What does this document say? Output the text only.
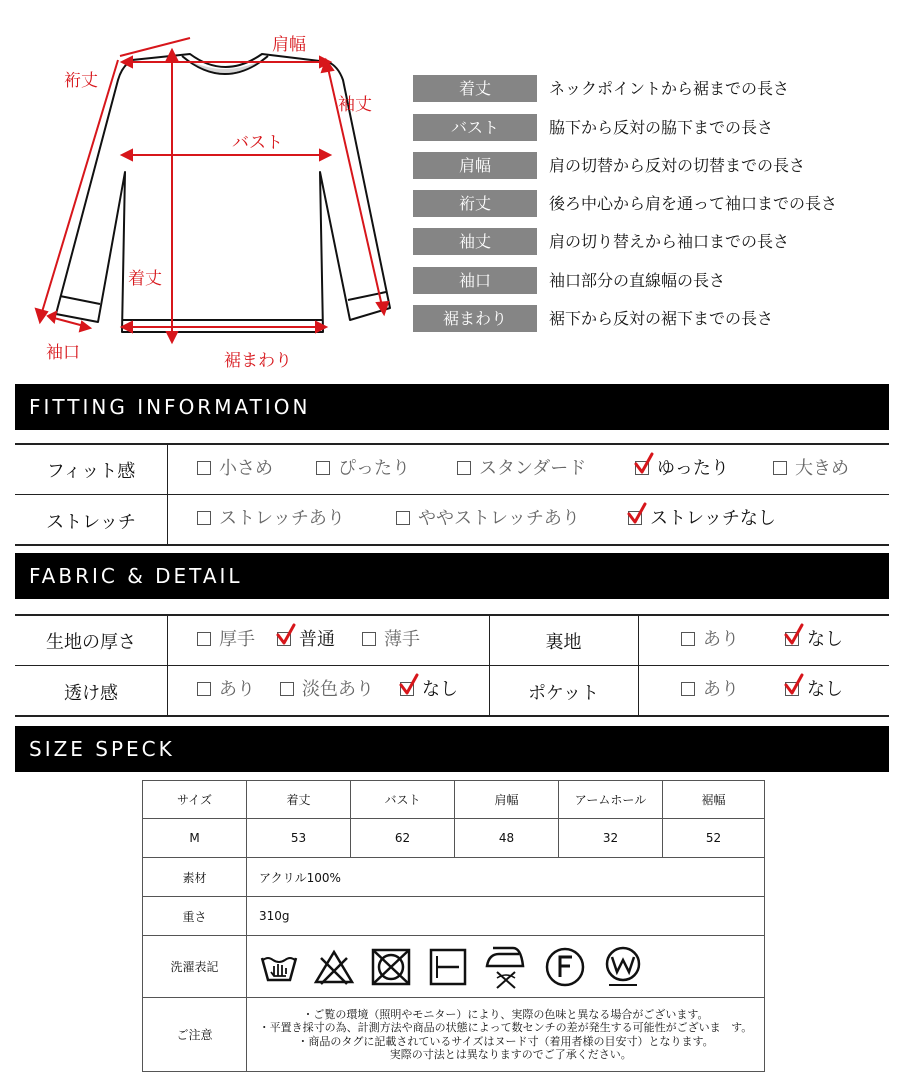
肩幅
裄丈
袖丈
バスト
着丈
袖口	裾まわり
着丈	ネックポイントから裾までの長さ
バスト	脇下から反対の脇下までの長さ
肩幅	肩の切替から反対の切替までの長さ
裄丈	後ろ中心から肩を通って袖口までの長さ
袖丈	肩の切り替えから袖口までの長さ
袖口	袖口部分の直線幅の長さ
裾まわり	裾下から反対の裾下までの長さ
FITTING INFORMATION
フィット感	小さめ	ぴったり	スタンダード	ゆったり	大きめ
ストレッチ	ストレッチあり	ややストレッチあり	ストレッチなし
FABRIC & DETAIL
生地の厚さ	厚手	普通	薄手	裏地	あり	なし
透け感	あり	淡色あり	なし	ポケット	あり	なし
SIZE SPECK
サイズ	着丈	バスト	肩幅	アームホール	裾幅
M	53	62	48	32	52
素材	アクリル100%				
重さ	310g				
洗濯表記	

ご注意	・ご覧の環境（照明やモニター）により、実際の色味と異なる場合がございます。
・平置き採寸の為、計測方法や商品の状態によって数センチの差が発生する可能性がございま   す。
・商品のタグに記載されているサイズはヌード寸（着用者様の目安寸）となります。
実際の寸法とは異なりますのでご了承ください。				
